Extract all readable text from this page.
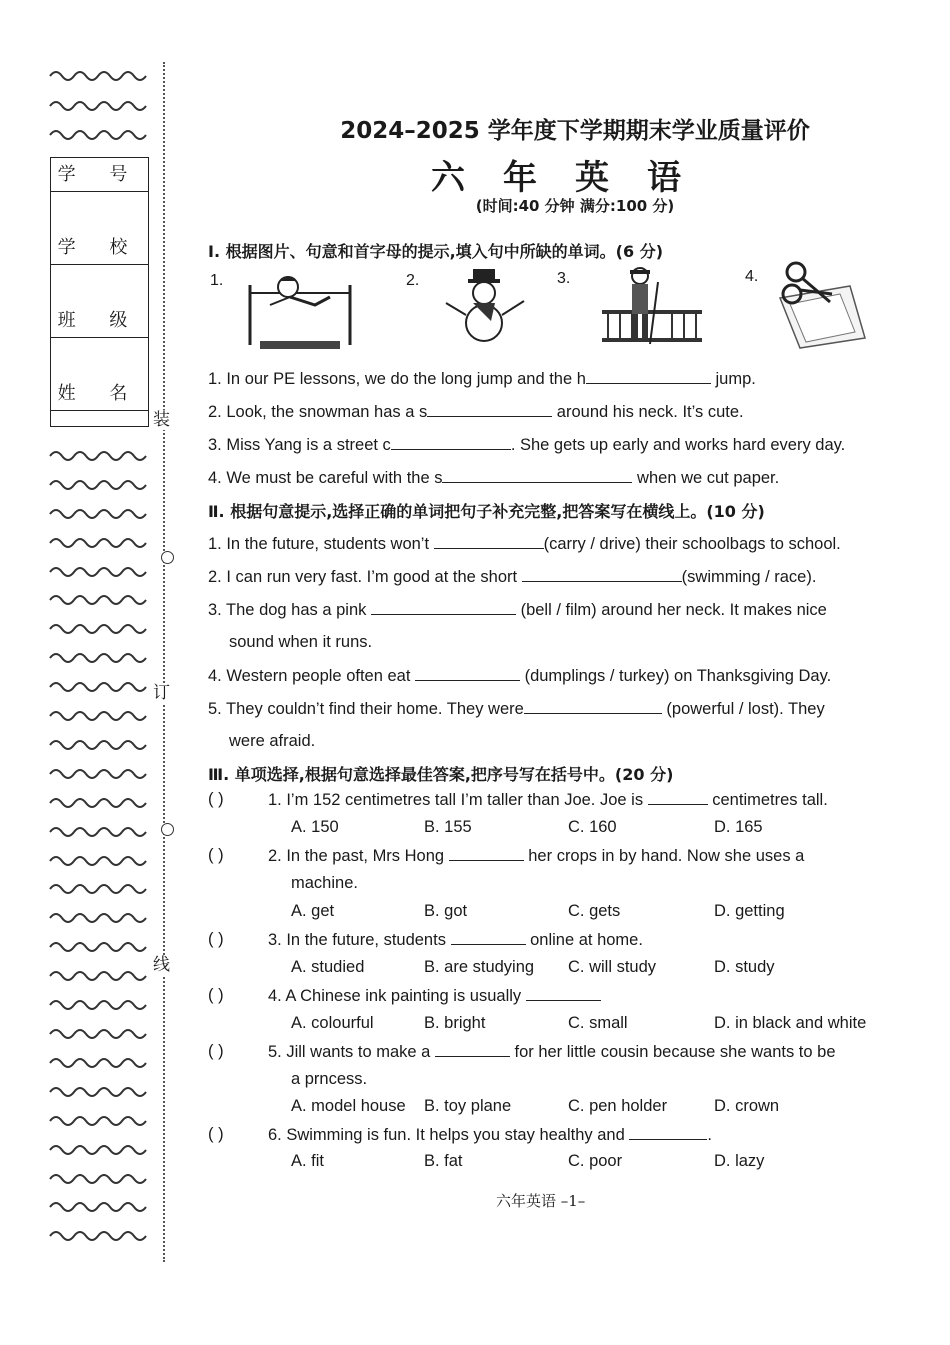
装
订
线
学 号
学 校
班 级
姓 名
2024–2025 学年度下学期期末学业质量评价
六年英语
(时间:40 分钟 满分:100 分)
Ⅰ. 根据图片、句意和首字母的提示,填入句中所缺的单词。(6 分)
1.	2.	3.	4.
1. In our PE lessons, we do the long jump and the h	jump.
2. Look, the snowman has a s	around his neck. It’s cute.
3. Miss Yang is a street c	. She gets up early and works hard every day.
4. We must be careful with the s	when we cut paper.
Ⅱ. 根据句意提示,选择正确的单词把句子补充完整,把答案写在横线上。(10 分)
1. In the future, students won’t	(carry / drive) their schoolbags to school.
2. I can run very fast. I’m good at the short	(swimming / race).
3. The dog has a pink	(bell / film) around her neck. It makes nice
sound when it runs.
4. Western people often eat	(dumplings / turkey) on Thanksgiving Day.
5. They couldn’t find their home. They were	(powerful / lost). They
were afraid.
Ⅲ. 单项选择,根据句意选择最佳答案,把序号写在括号中。(20 分)
( )	1. I’m 152 centimetres tall I’m taller than Joe. Joe is	centimetres tall.
A. 150	B. 155	C. 160	D. 165
( )	2. In the past, Mrs Hong	her crops in by hand. Now she uses a
machine.
A. get	B. got	C. gets	D. getting
( )	3. In the future, students	online at home.
A. studied	B. are studying C. will study	D. study
( )	4. A Chinese ink painting is usually
A. colourful	B. bright	C. small	D. in black and white
( )	5. Jill wants to make a	for her little cousin because she wants to be
a prncess.
A. model house B. toy plane	C. pen holder	D. crown
( )	6. Swimming is fun. It helps you stay healthy and	.
A. fit	B. fat	C. poor	D. lazy
六年英语 –1–
